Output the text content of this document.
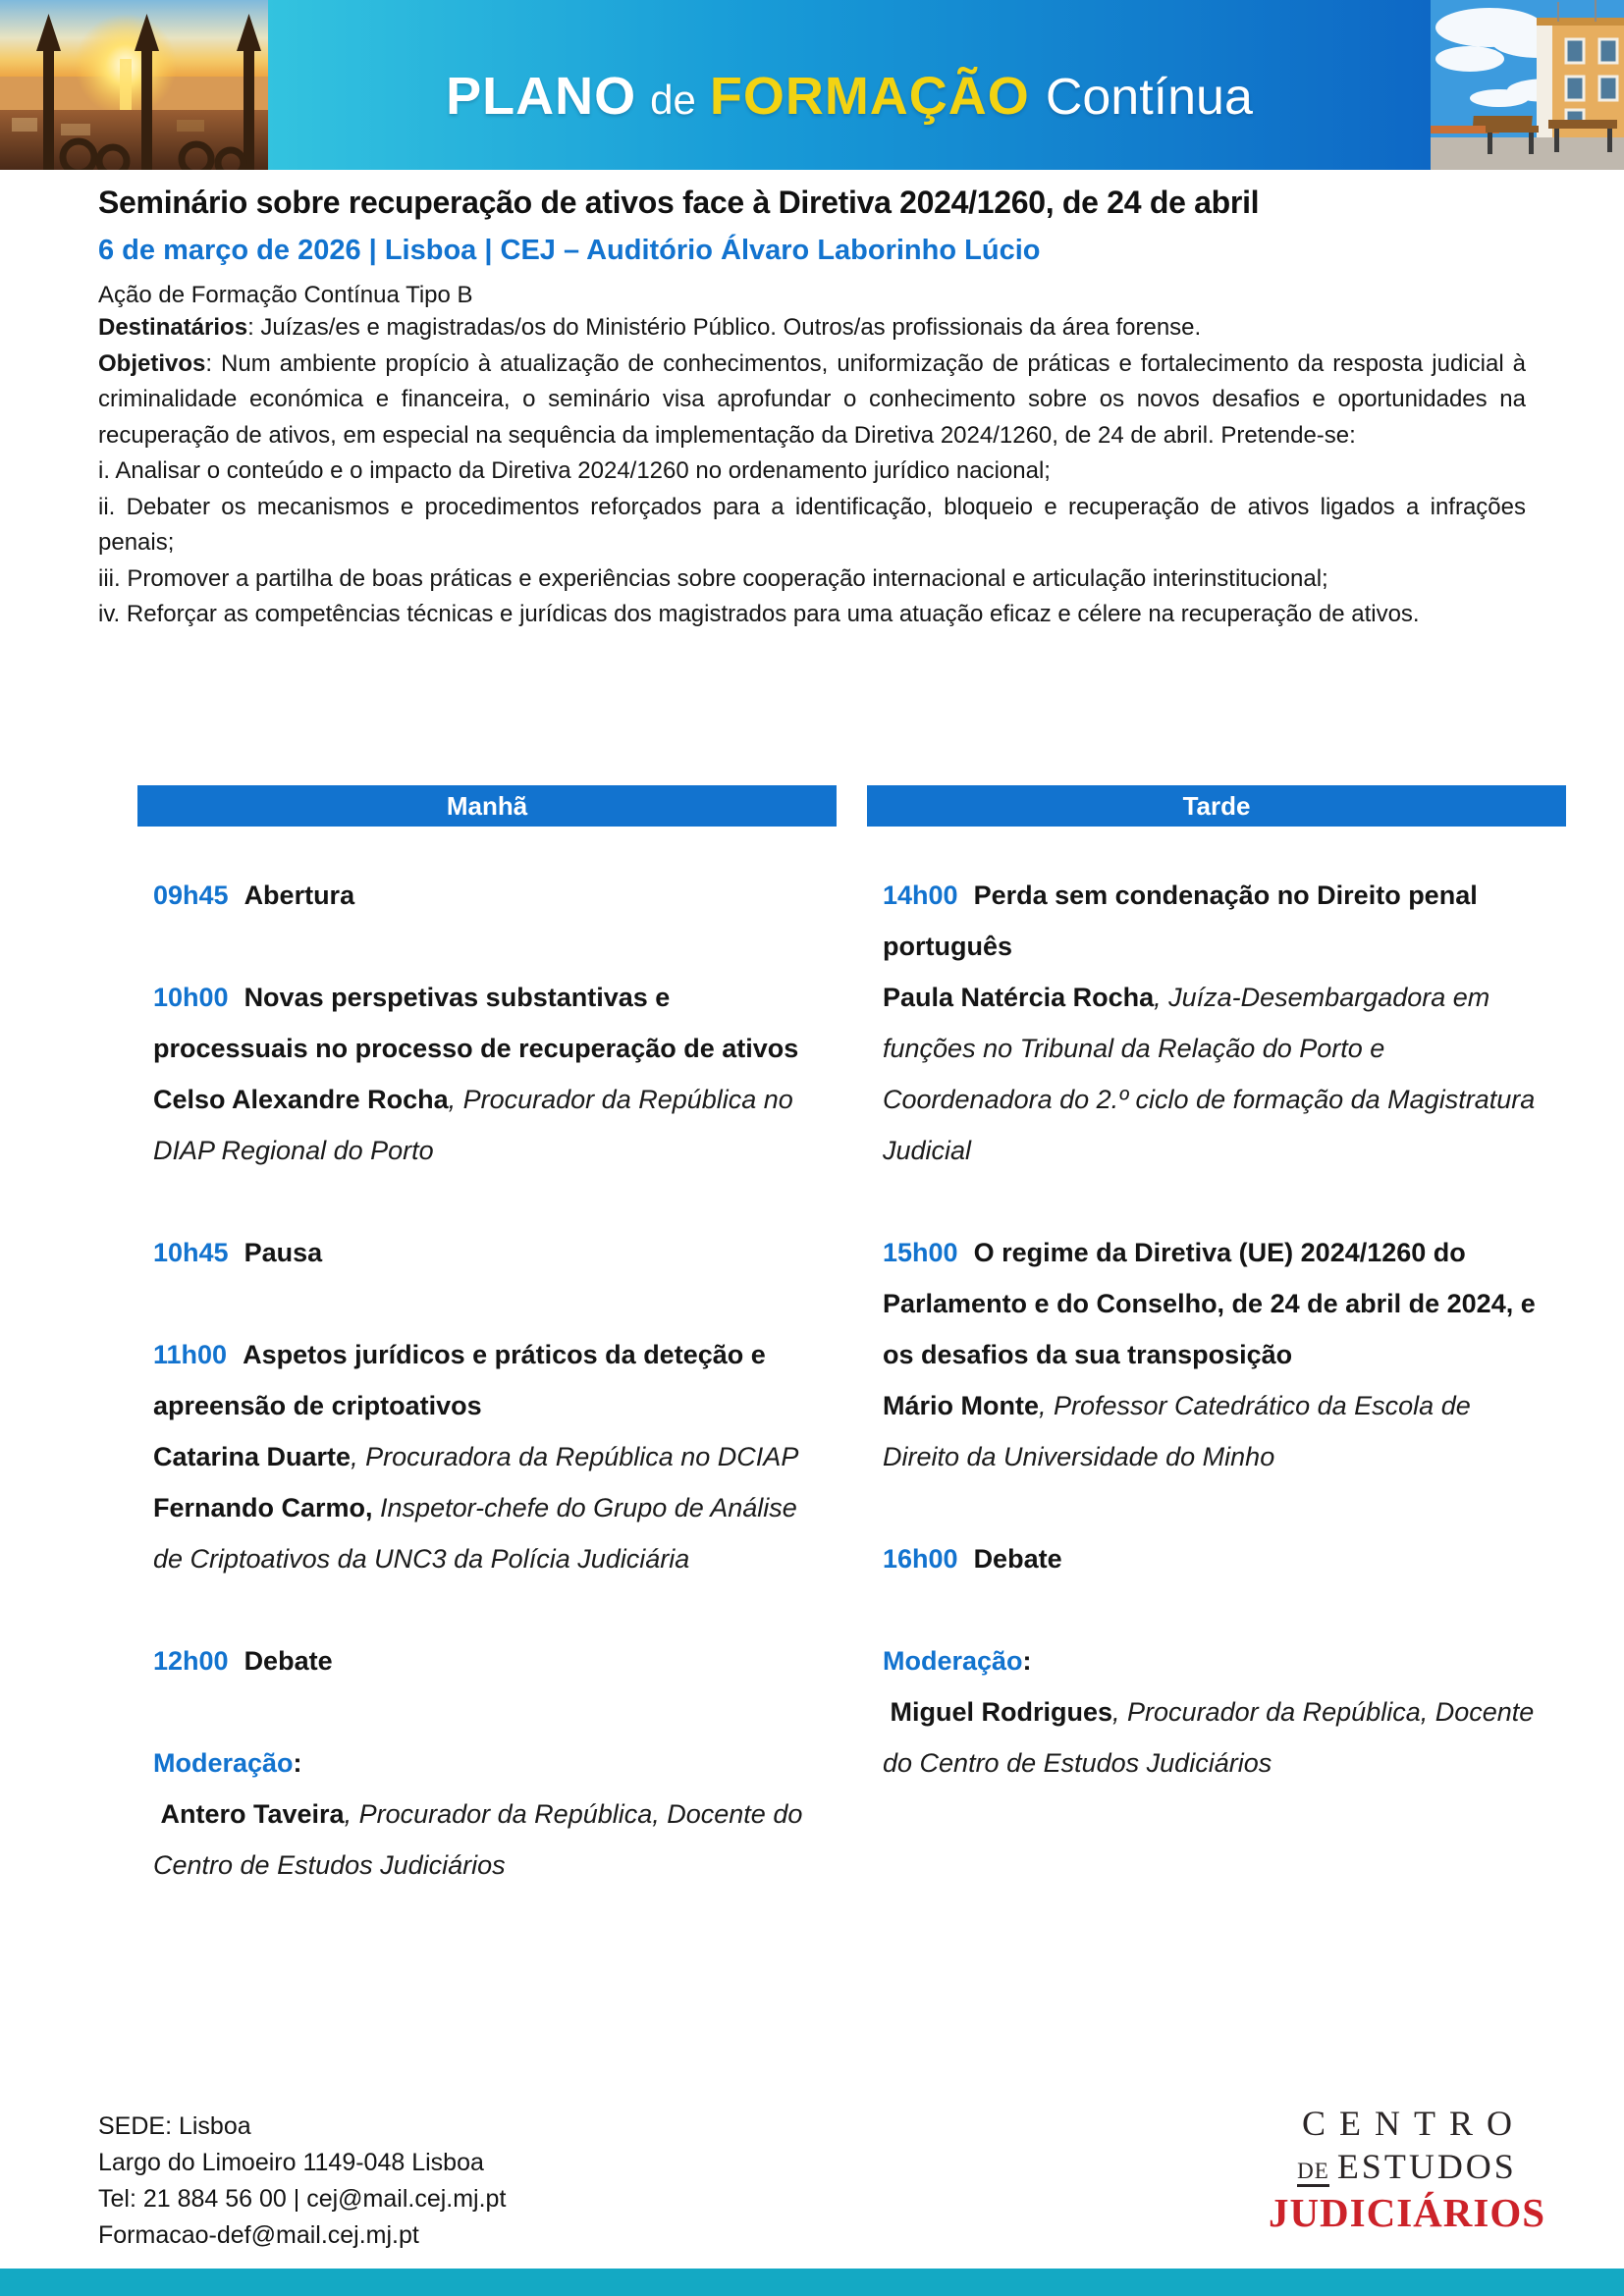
PLANO de FORMAÇÃO Contínua
Seminário sobre recuperação de ativos face à Diretiva 2024/1260, de 24 de abril
6 de março de 2026 | Lisboa | CEJ – Auditório Álvaro Laborinho Lúcio
Ação de Formação Contínua Tipo B
Destinatários: Juízas/es e magistradas/os do Ministério Público. Outros/as profissionais da área forense.
Objetivos: Num ambiente propício à atualização de conhecimentos, uniformização de práticas e fortalecimento da resposta judicial à criminalidade económica e financeira, o seminário visa aprofundar o conhecimento sobre os novos desafios e oportunidades na recuperação de ativos, em especial na sequência da implementação da Diretiva 2024/1260, de 24 de abril. Pretende-se:
i. Analisar o conteúdo e o impacto da Diretiva 2024/1260 no ordenamento jurídico nacional;
ii. Debater os mecanismos e procedimentos reforçados para a identificação, bloqueio e recuperação de ativos ligados a infrações penais;
iii. Promover a partilha de boas práticas e experiências sobre cooperação internacional e articulação interinstitucional;
iv. Reforçar as competências técnicas e jurídicas dos magistrados para uma atuação eficaz e célere na recuperação de ativos.
Manhã
09h45 Abertura
10h00 Novas perspetivas substantivas e processuais no processo de recuperação de ativos
Celso Alexandre Rocha, Procurador da República no DIAP Regional do Porto
10h45 Pausa
11h00 Aspetos jurídicos e práticos da deteção e apreensão de criptoativos
Catarina Duarte, Procuradora da República no DCIAP
Fernando Carmo, Inspetor-chefe do Grupo de Análise de Criptoativos da UNC3 da Polícia Judiciária
12h00 Debate
Moderação:
Antero Taveira, Procurador da República, Docente do Centro de Estudos Judiciários
Tarde
14h00 Perda sem condenação no Direito penal português
Paula Natércia Rocha, Juíza-Desembargadora em funções no Tribunal da Relação do Porto e Coordenadora do 2.º ciclo de formação da Magistratura Judicial
15h00 O regime da Diretiva (UE) 2024/1260 do Parlamento e do Conselho, de 24 de abril de 2024, e os desafios da sua transposição
Mário Monte, Professor Catedrático da Escola de Direito da Universidade do Minho
16h00 Debate
Moderação:
Miguel Rodrigues, Procurador da República, Docente do Centro de Estudos Judiciários
SEDE: Lisboa
Largo do Limoeiro 1149-048 Lisboa
Tel: 21 884 56 00 | cej@mail.cej.mj.pt
Formacao-def@mail.cej.mj.pt
CENTRO
DE ESTUDOS
JUDICIÁRIOS
